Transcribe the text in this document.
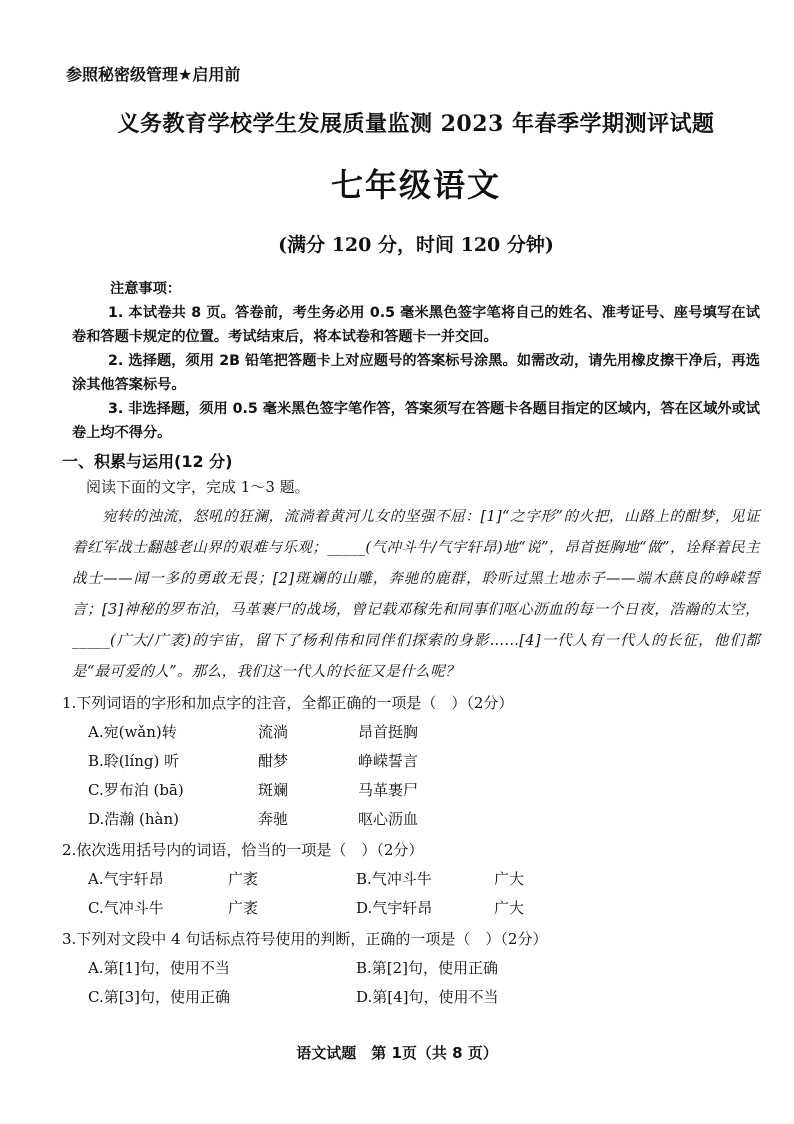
参照秘密级管理★启用前
义务教育学校学生发展质量监测 2023 年春季学期测评试题
七年级语文
(满分 120 分，时间 120 分钟)
注意事项：
1. 本试卷共 8 页。答卷前，考生务必用 0.5 毫米黑色签字笔将自己的姓名、准考证号、座号填写在试卷和答题卡规定的位置。考试结束后，将本试卷和答题卡一并交回。
2. 选择题，须用 2B 铅笔把答题卡上对应题号的答案标号涂黑。如需改动，请先用橡皮擦干净后，再选涂其他答案标号。
3. 非选择题，须用 0.5 毫米黑色签字笔作答，答案须写在答题卡各题目指定的区域内，答在区域外或试卷上均不得分。
一、积累与运用(12 分)
阅读下面的文字，完成 1～3 题。
宛转的浊流，怒吼的狂澜，流淌着黄河儿女的坚强不屈：[1]“之字形”的火把，山路上的酣梦，见证着红军战士翻越老山界的艰难与乐观；_____(气冲斗牛/气宇轩昂)地“说”，昂首挺胸地“做”，诠释着民主战士——闻一多的勇敢无畏；[2]斑斓的山雕，奔驰的鹿群，聆听过黑土地赤子——端木蕻良的峥嵘誓言；[3]神秘的罗布泊，马革裹尸的战场，曾记载邓稼先和同事们呕心沥血的每一个日夜，浩瀚的太空，_____(广大/广袤)的宇宙，留下了杨利伟和同伴们探索的身影……[4]一代人有一代人的长征，他们都是“最可爱的人”。那么，我们这一代人的长征又是什么呢？
1.下列词语的字形和加点字的注音，全都正确的一项是（　）（2分）
A.宛(wǎn)转	流淌	昂首挺胸
B.聆(líng) 听	酣梦	峥嵘誓言
C.罗布泊 (bā)	斑斓	马革裹尸
D.浩瀚 (hàn)	奔驰	呕心沥血
2.依次选用括号内的词语，恰当的一项是（　）（2分）
A.气宇轩昂	广袤	B.气冲斗牛	广大
C.气冲斗牛	广袤	D.气宇轩昂	广大
3.下列对文段中 4 句话标点符号使用的判断，正确的一项是（　）（2分）
A.第[1]句，使用不当	B.第[2]句，使用正确
C.第[3]句，使用正确	D.第[4]句，使用不当
语文试题　第 1页（共 8 页）
